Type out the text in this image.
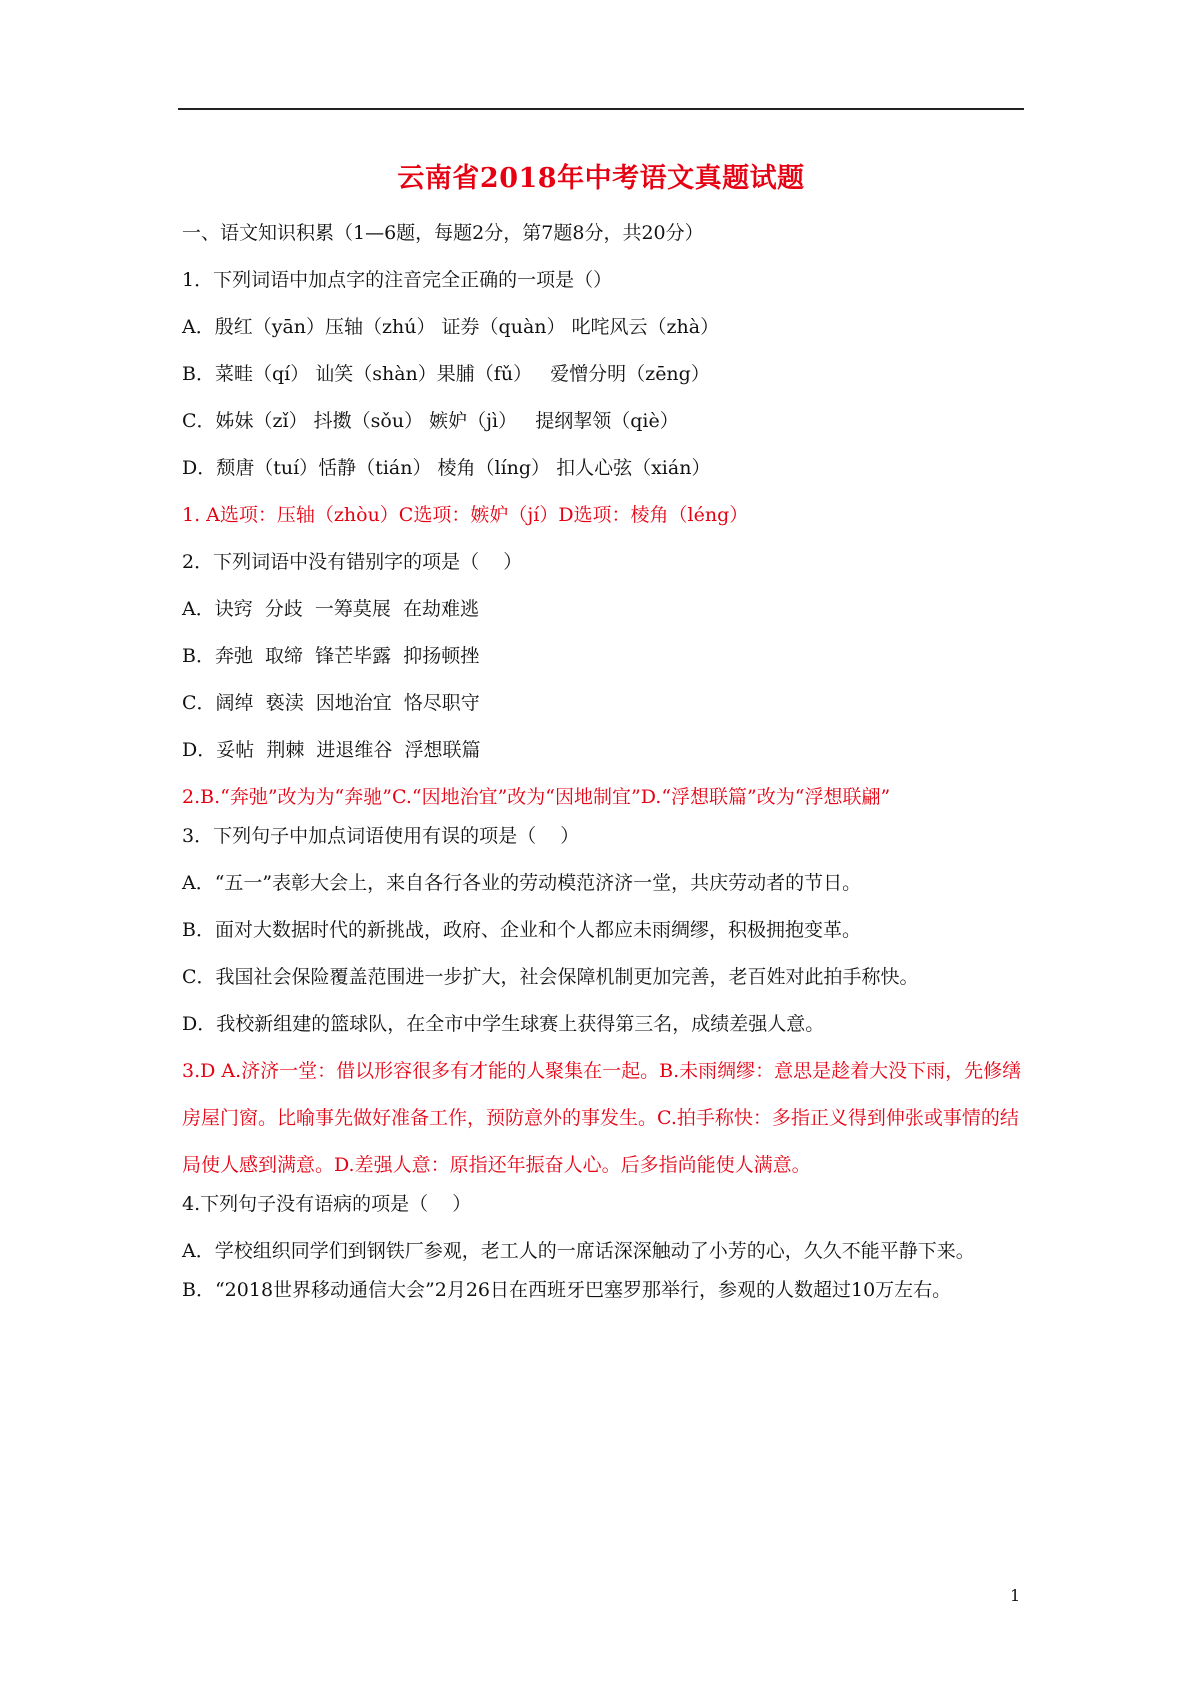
云南省2018年中考语文真题试题
一、语文知识积累（1—6题，每题2分，第7题8分，共20分）
1．下列词语中加点字的注音完全正确的一项是（）
A．殷红（yān）压轴（zhú） 证券（quàn） 叱咤风云（zhà）
B．菜畦（qí） 讪笑（shàn）果脯（fǔ）   爱憎分明（zēng）
C．姊妹（zǐ） 抖擞（sǒu） 嫉妒（jì）   提纲挈领（qiè）
D．颓唐（tuí）恬静（tián） 棱角（líng） 扣人心弦（xián）
1. A选项：压轴（zhòu）C选项：嫉妒（jí）D选项：棱角（léng）
2．下列词语中没有错别字的项是（    ）
A．诀窍  分歧  一筹莫展  在劫难逃
B．奔弛  取缔  锋芒毕露  抑扬顿挫
C．阔绰  亵渎  因地治宜  恪尽职守
D．妥帖  荆棘  进退维谷  浮想联篇
2.B.“奔弛”改为为“奔驰”C.“因地治宜”改为“因地制宜”D.“浮想联篇”改为“浮想联翩”
3．下列句子中加点词语使用有误的项是（    ）
A．“五一”表彰大会上，来自各行各业的劳动模范济济一堂，共庆劳动者的节日。
B．面对大数据时代的新挑战，政府、企业和个人都应未雨绸缪，积极拥抱变革。
C．我国社会保险覆盖范围进一步扩大，社会保障机制更加完善，老百姓对此拍手称快。
D．我校新组建的篮球队，在全市中学生球赛上获得第三名，成绩差强人意。
3.D A.济济一堂：借以形容很多有才能的人聚集在一起。B.未雨绸缪：意思是趁着大没下雨，先修缮房屋门窗。比喻事先做好准备工作，预防意外的事发生。C.拍手称快：多指正义得到伸张或事情的结局使人感到满意。D.差强人意：原指还年振奋人心。后多指尚能使人满意。
4.下列句子没有语病的项是（    ）
A．学校组织同学们到钢铁厂参观，老工人的一席话深深触动了小芳的心，久久不能平静下来。
B．“2018世界移动通信大会”2月26日在西班牙巴塞罗那举行，参观的人数超过10万左右。
1
